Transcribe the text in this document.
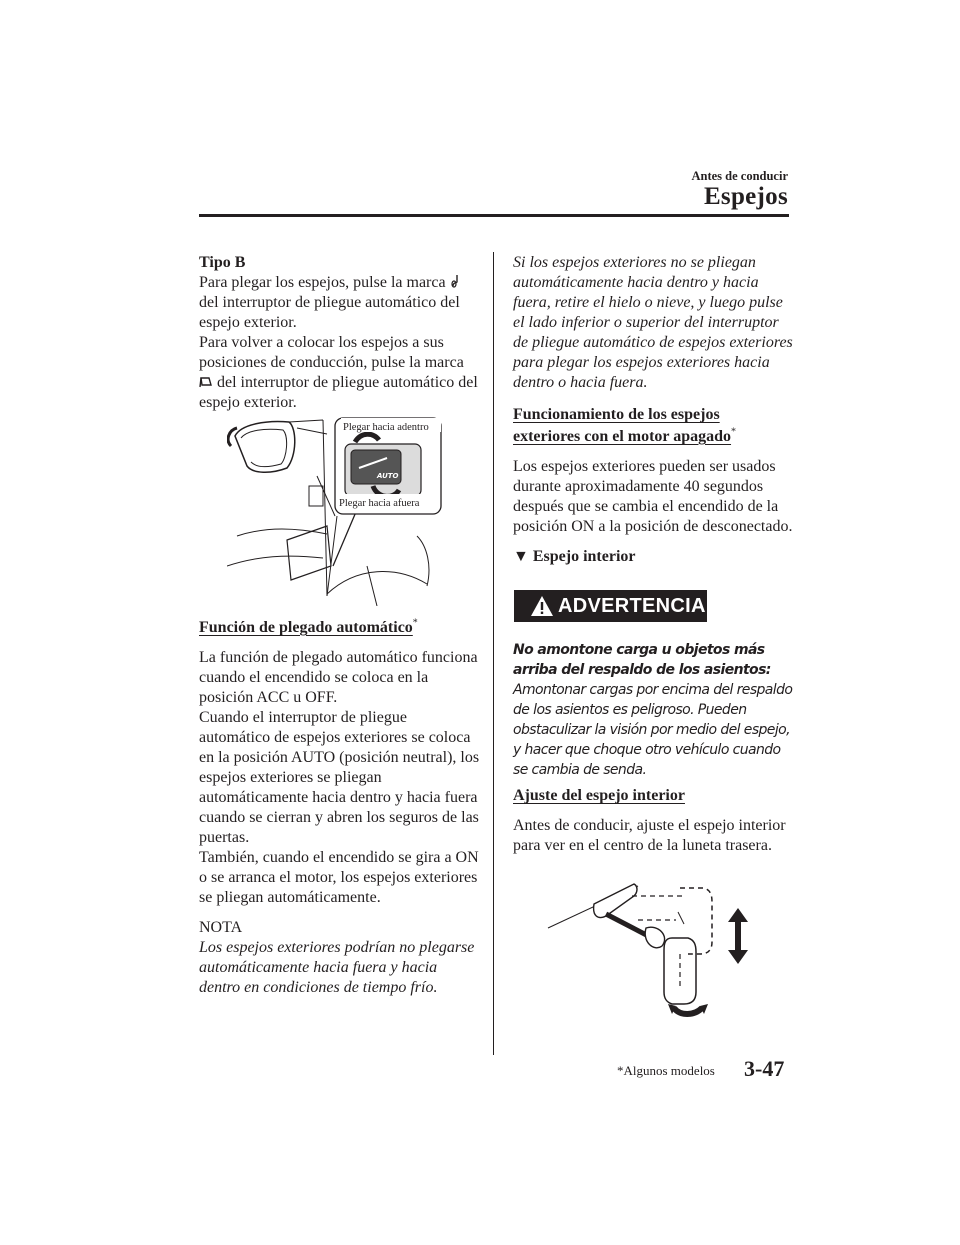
Antes de conducir
Espejos

Tipo B

Para plegar los espejos, pulse la marca  del interruptor de pliegue automático del espejo exterior.

Para volver a colocar los espejos a sus posiciones de conducción, pulse la marca
del interruptor de pliegue automático del espejo exterior.

AUTO
Plegar hacia adentro
Plegar hacia afuera

Función de plegado automático*

La función de plegado automático funciona cuando el encendido se coloca en la posición ACC u OFF.

Cuando el interruptor de pliegue automático de espejos exteriores se coloca en la posición AUTO (posición neutral), los espejos exteriores se pliegan automáticamente hacia dentro y hacia fuera cuando se cierran y abren los seguros de las puertas.

También, cuando el encendido se gira a ON o se arranca el motor, los espejos exteriores se pliegan automáticamente.

NOTA

Los espejos exteriores podrían no plegarse automáticamente hacia fuera y hacia dentro en condiciones de tiempo frío.

Si los espejos exteriores no se pliegan automáticamente hacia dentro y hacia fuera, retire el hielo o nieve, y luego pulse el lado inferior o superior del interruptor de pliegue automático de espejos exteriores para plegar los espejos exteriores hacia dentro o hacia fuera.

Funcionamiento de los espejos

exteriores con el motor apagado*

Los espejos exteriores pueden ser usados durante aproximadamente 40 segundos después que se cambia el encendido de la posición ON a la posición de desconectado.

▼ Espejo interior

ADVERTENCIA

No amontone carga u objetos más arriba del respaldo de los asientos:

Amontonar cargas por encima del respaldo de los asientos es peligroso. Pueden obstaculizar la visión por medio del espejo, y hacer que choque otro vehículo cuando se cambia de senda.

Ajuste del espejo interior

Antes de conducir, ajuste el espejo interior para ver en el centro de la luneta trasera.

*Algunos modelos 3-47
